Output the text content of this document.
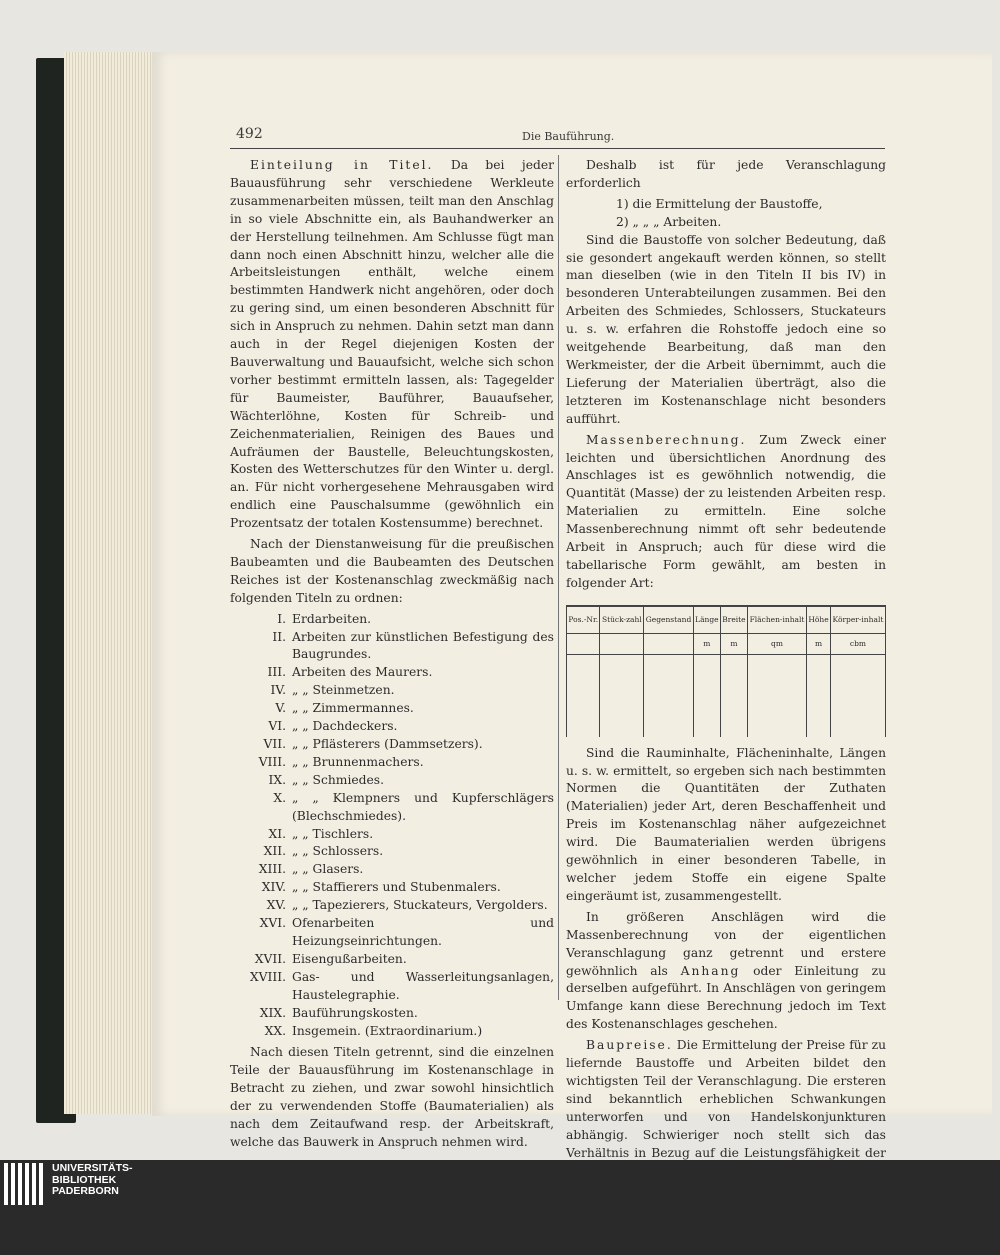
492	Die Bauführung.

Einteilung in Titel. Da bei jeder Bauausführung sehr verschiedene Werkleute zusammenarbeiten müssen, teilt man den Anschlag in so viele Abschnitte ein, als Bauhandwerker an der Herstellung teilnehmen. Am Schlusse fügt man dann noch einen Abschnitt hinzu, welcher alle die Arbeitsleistungen enthält, welche einem bestimmten Handwerk nicht angehören, oder doch zu gering sind, um einen besonderen Abschnitt für sich in Anspruch zu nehmen. Dahin setzt man dann auch in der Regel diejenigen Kosten der Bauverwaltung und Bauaufsicht, welche sich schon vorher bestimmt ermitteln lassen, als: Tagegelder für Baumeister, Bauführer, Bauaufseher, Wächterlöhne, Kosten für Schreib- und Zeichenmaterialien, Reinigen des Baues und Aufräumen der Baustelle, Beleuchtungskosten, Kosten des Wetterschutzes für den Winter u. dergl. an. Für nicht vorhergesehene Mehrausgaben wird endlich eine Pauschalsumme (gewöhnlich ein Prozentsatz der totalen Kostensumme) berechnet.

Nach der Dienstanweisung für die preußischen Baubeamten und die Baubeamten des Deutschen Reiches ist der Kostenanschlag zweckmäßig nach folgenden Titeln zu ordnen:

I. Erdarbeiten.
II. Arbeiten zur künstlichen Befestigung des Baugrundes.
III. Arbeiten des Maurers.
IV. „ „ Steinmetzen.
V. „ „ Zimmermannes.
VI. „ „ Dachdeckers.
VII. „ „ Pflästerers (Dammsetzers).
VIII. „ „ Brunnenmachers.
IX. „ „ Schmiedes.
X. „ „ Klempners und Kupferschlägers (Blechschmiedes).
XI. „ „ Tischlers.
XII. „ „ Schlossers.
XIII. „ „ Glasers.
XIV. „ „ Staffierers und Stubenmalers.
XV. „ „ Tapezierers, Stuckateurs, Vergolders.
XVI. Ofenarbeiten und Heizungseinrichtungen.
XVII. Eisengußarbeiten.
XVIII. Gas- und Wasserleitungsanlagen, Haustelegraphie.
XIX. Bauführungskosten.
XX. Insgemein. (Extraordinarium.)

Nach diesen Titeln getrennt, sind die einzelnen Teile der Bauausführung im Kostenanschlage in Betracht zu ziehen, und zwar sowohl hinsichtlich der zu verwendenden Stoffe (Baumaterialien) als nach dem Zeitaufwand resp. der Arbeitskraft, welche das Bauwerk in Anspruch nehmen wird.

Deshalb ist für jede Veranschlagung erforderlich

1) die Ermittelung der Baustoffe,
2) „ „ „ Arbeiten.

Sind die Baustoffe von solcher Bedeutung, daß sie gesondert angekauft werden können, so stellt man dieselben (wie in den Titeln II bis IV) in besonderen Unterabteilungen zusammen. Bei den Arbeiten des Schmiedes, Schlossers, Stuckateurs u. s. w. erfahren die Rohstoffe jedoch eine so weitgehende Bearbeitung, daß man den Werkmeister, der die Arbeit übernimmt, auch die Lieferung der Materialien überträgt, also die letzteren im Kostenanschlage nicht besonders aufführt.

Massenberechnung. Zum Zweck einer leichten und übersichtlichen Anordnung des Anschlages ist es gewöhnlich notwendig, die Quantität (Masse) der zu leistenden Arbeiten resp. Materialien zu ermitteln. Eine solche Massenberechnung nimmt oft sehr bedeutende Arbeit in Anspruch; auch für diese wird die tabellarische Form gewählt, am besten in folgender Art:

Pos.-Nr.	Stück-zahl	Gegenstand	Länge	Breite	Flächen-inhalt	Höhe	Körper-inhalt
			m	m	qm	m	cbm

Sind die Rauminhalte, Flächeninhalte, Längen u. s. w. ermittelt, so ergeben sich nach bestimmten Normen die Quantitäten der Zuthaten (Materialien) jeder Art, deren Beschaffenheit und Preis im Kostenanschlag näher aufgezeichnet wird. Die Baumaterialien werden übrigens gewöhnlich in einer besonderen Tabelle, in welcher jedem Stoffe ein eigene Spalte eingeräumt ist, zusammengestellt.

In größeren Anschlägen wird die Massenberechnung von der eigentlichen Veranschlagung ganz getrennt und erstere gewöhnlich als Anhang oder Einleitung zu derselben aufgeführt. In Anschlägen von geringem Umfange kann diese Berechnung jedoch im Text des Kostenanschlages geschehen.

Baupreise. Die Ermittelung der Preise für zu liefernde Baustoffe und Arbeiten bildet den wichtigsten Teil der Veranschlagung. Die ersteren sind bekanntlich erheblichen Schwankungen unterworfen und von Handelskonjunkturen abhängig. Schwieriger noch stellt sich das Verhältnis in Bezug auf die Leistungsfähigkeit der Angebot geregelte, Arbeitslohn berechnet, welchen der Arbeiter erhält.

UNIVERSITÄTS-
BIBLIOTHEK
PADERBORN
